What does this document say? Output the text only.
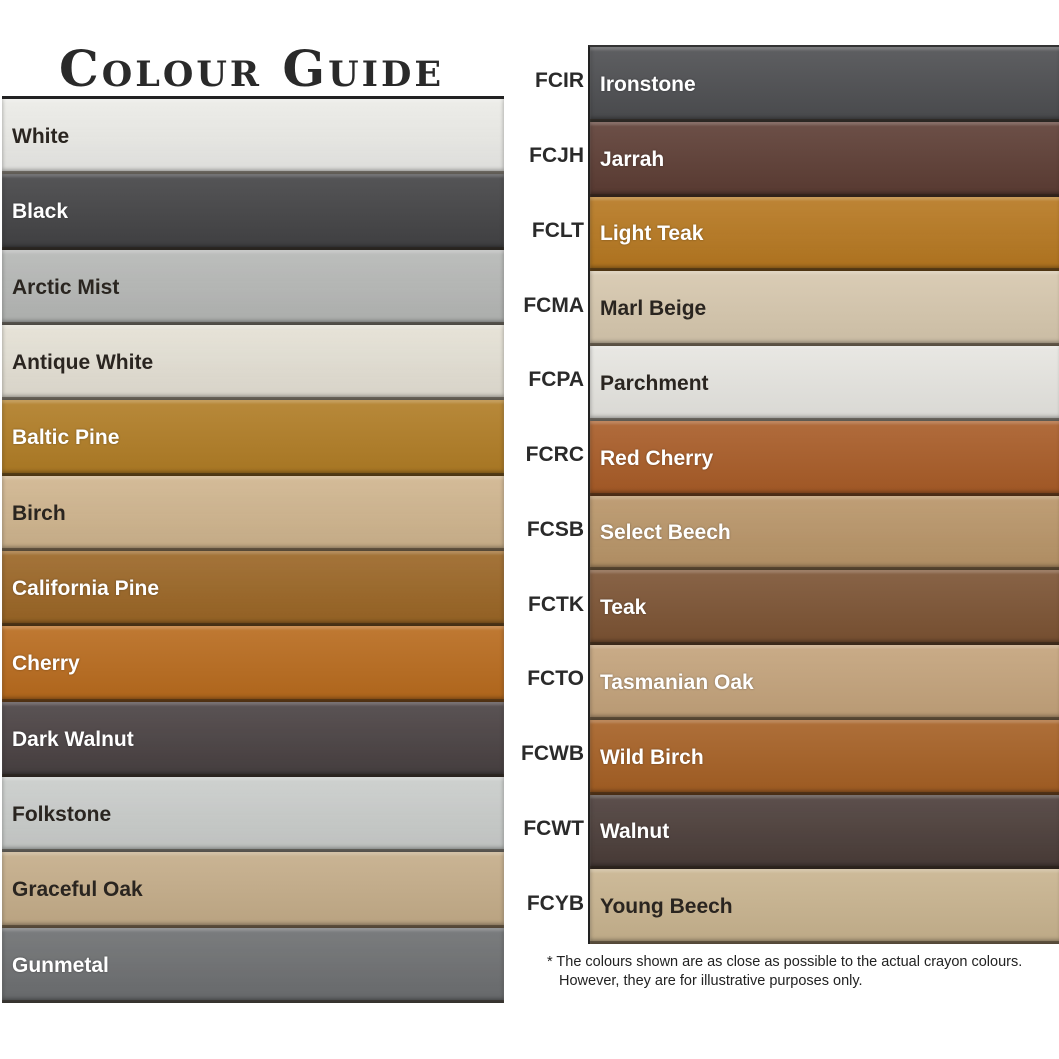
Colour Guide
White
Black
Arctic Mist
Antique White
Baltic Pine
Birch
California Pine
Cherry
Dark Walnut
Folkstone
Graceful Oak
Gunmetal
FCIR
FCJH
FCLT
FCMA
FCPA
FCRC
FCSB
FCTK
FCTO
FCWB
FCWT
FCYB
Ironstone
Jarrah
Light Teak
Marl Beige
Parchment
Red Cherry
Select Beech
Teak
Tasmanian Oak
Wild Birch
Walnut
Young Beech
* The colours shown are as close as possible to the actual crayon colours.
However, they are for illustrative purposes only.
